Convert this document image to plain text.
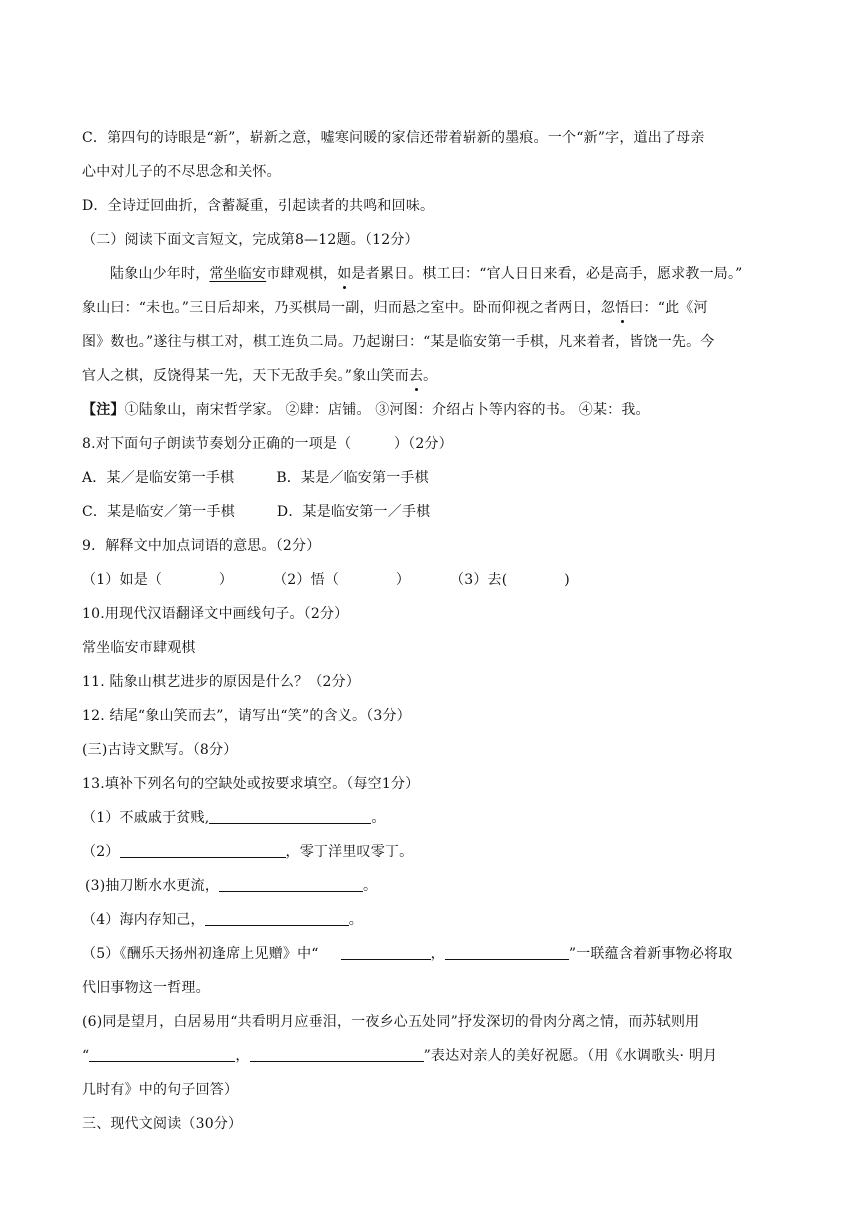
C．第四句的诗眼是“新”，崭新之意，嘘寒问暖的家信还带着崭新的墨痕。一个“新”字，道出了母亲
心中对儿子的不尽思念和关怀。
D．全诗迂回曲折，含蓄凝重，引起读者的共鸣和回味。
（二）阅读下面文言短文，完成第8—12题。（12分）
陆象山少年时，常坐临安市肆观棋，如是者累日。棋工曰：“官人日日来看，必是高手，愿求教一局。”
象山曰：“未也。”三日后却来，乃买棋局一副，归而悬之室中。卧而仰视之者两日，忽悟曰：“此《河
图》数也。”遂往与棋工对，棋工连负二局。乃起谢曰：“某是临安第一手棋，凡来着者，皆饶一先。今
官人之棋，反饶得某一先，天下无敌手矣。”象山笑而去。
【注】①陆象山，南宋哲学家。 ②肆：店铺。 ③河图：介绍占卜等内容的书。 ④某：我。
8.对下面句子朗读节奏划分正确的一项是（　　　）（2分）
A．某／是临安第一手棋	B．某是／临安第一手棋
C．某是临安／第一手棋	D．某是临安第一／手棋
9．解释文中加点词语的意思。（2分）
（1）如是（　　　　）	（2）悟（　　　　）	（3）去(　　　　)
10.用现代汉语翻译文中画线句子。（2分）
常坐临安市肆观棋
11. 陆象山棋艺进步的原因是什么？（2分）
12. 结尾“象山笑而去”，请写出“笑”的含义。（3分）
(三)古诗文默写。（8分）
13.填补下列名句的空缺处或按要求填空。（每空1分）
（1）不戚戚于贫贱,	。
（2）	，零丁洋里叹零丁。
(3)抽刀断水水更流，	。
（4）海内存知己，	。
（5）《酬乐天扬州初逢席上见赠》中“	，	”一联蕴含着新事物必将取
代旧事物这一哲理。
(6)同是望月，白居易用“共看明月应垂泪，一夜乡心五处同”抒发深切的骨肉分离之情，而苏轼则用
“	，	”表达对亲人的美好祝愿。（用《水调歌头· 明月
几时有》中的句子回答）
三、现代文阅读（30分）
